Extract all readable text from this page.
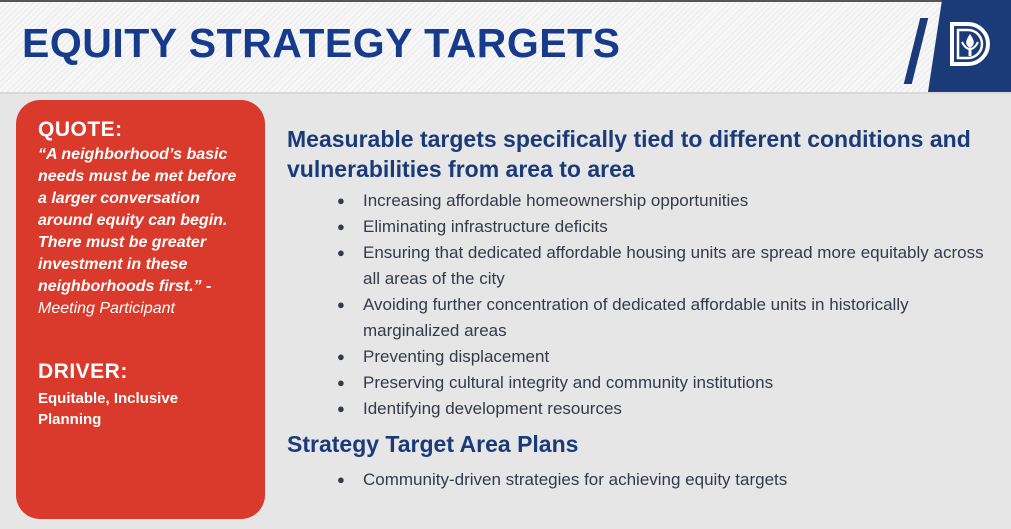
EQUITY STRATEGY TARGETS
QUOTE:

“A neighborhood’s basic needs must be met before a larger conversation around equity can begin. There must be greater investment in these neighborhoods first.” - Meeting Participant

DRIVER:

Equitable, Inclusive Planning

Measurable targets specifically tied to different conditions and vulnerabilities from area to area
● Increasing affordable homeownership opportunities
● Eliminating infrastructure deficits
● Ensuring that dedicated affordable housing units are spread more equitably across all areas of the city
● Avoiding further concentration of dedicated affordable units in historically marginalized areas
● Preventing displacement
● Preserving cultural integrity and community institutions
● Identifying development resources
Strategy Target Area Plans
● Community-driven strategies for achieving equity targets
